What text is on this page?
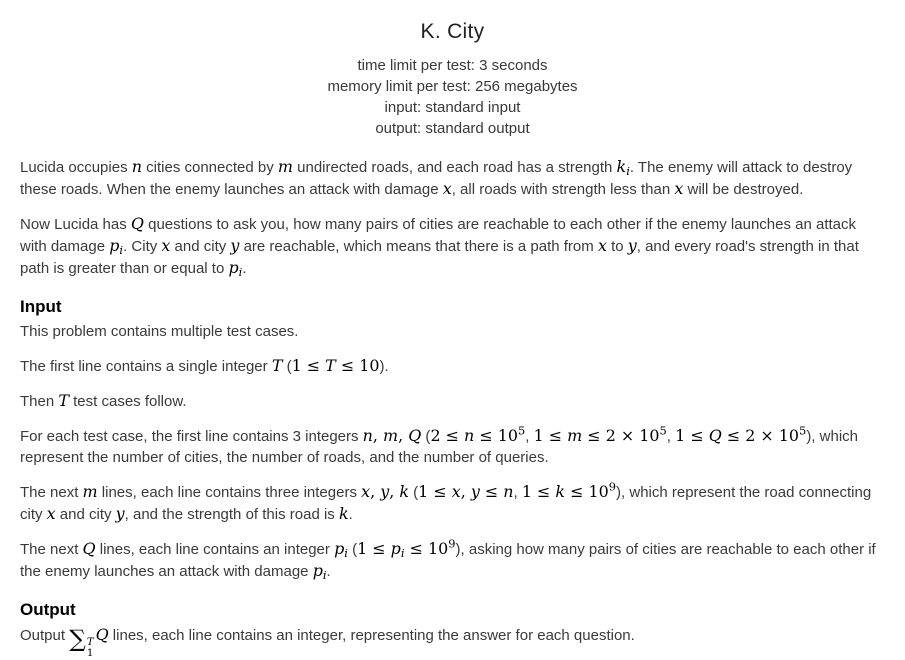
K. City
time limit per test: 3 seconds
memory limit per test: 256 megabytes
input: standard input
output: standard output

Lucida occupies n cities connected by m undirected roads, and each road has a strength $k_i$. The enemy will attack to destroy these roads. When the enemy launches an attack with damage x, all roads with strength less than x will be destroyed.

Now Lucida has Q questions to ask you, how many pairs of cities are reachable to each other if the enemy launches an attack with damage $p_i$. City x and city y are reachable, which means that there is a path from x to y, and every road's strength in that path is greater than or equal to $p_i$.

Input

This problem contains multiple test cases.

The first line contains a single integer T (1 ≤ T ≤ 10).

Then T test cases follow.

For each test case, the first line contains 3 integers n, m, Q ($2 \le n \le 10^5$, $1 \le m \le 2 \times 10^5$, $1 \le Q \le 2 \times 10^5$), which represent the number of cities, the number of roads, and the number of queries.

The next m lines, each line contains three integers x, y, k (1 ≤ x, y ≤ n, $1 \le k \le 10^9$), which represent the road connecting city x and city y, and the strength of this road is k.

The next Q lines, each line contains an integer $p_i$ $(1 \le p_i \le 10^9)$, asking how many pairs of cities are reachable to each other if the enemy launches an attack with damage $p_i$.

Output

Output ∑ T
1
Q lines, each line contains an integer, representing the answer for each question.
